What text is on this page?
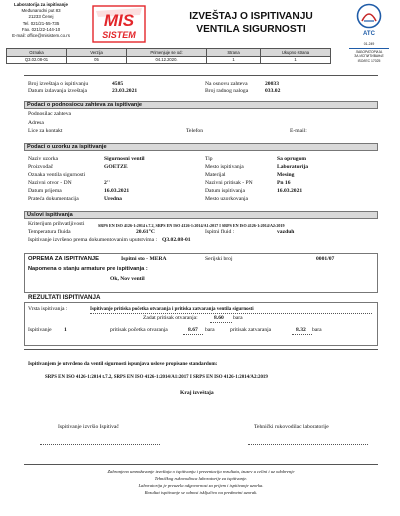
Laboratorija za ispitivanje
Međunarodni put 83
21233 Čenej
Tel. 021/21-55-735
Fax. 021/22-144-10
E-mail: office@misistem.co.rs
MIS
SISTEM
IZVEŠTAJ O ISPITIVANJU
VENTILA SIGURNOSTI	ATC
01-249
ЛАБОРАТОРИЈА
ЗА ИСПИТИВАЊЕ
ISO/IEC 17025
Oznaka	Verzija	Primenjuje se od:	Strana	Ukupno strana
Q3.02.08-01	05	04.12.2020.	1	1
Broj izveštaja o ispitivanju	4585
Datum izdavanja izveštaja	23.03.2021
Na osnovu zahteva	20033
Broj radnog naloga	033.02
Podaci o podnosiocu zahteva za ispitivanje
Podnosilac zahteva
Adresa
Lice za kontakt	Telefon	E-mail:
Podaci o uzorku za ispitivanje
Naziv uzorka	Sigurnosni ventil
Proizvođač	GOETZE
Oznaka ventila sigurnosti
Nazivni otvor - DN	2''
Datum prijema	16.03.2021
Prateća dokumentacija	Uredna
Tip	Sa oprugom
Mesto ispitivanja	Laboratorija
Materijal	Mesing
Nazivni pritisak - PN	Pn 16
Datum ispitivanja	16.03.2021
Mesto uzorkovanja
Uslovi ispitivanja
Kriterijum prihvatljivosti	SRPS EN ISO 4126-1:2014 t.7.2, SRPS EN ISO 4126-1:2014/A1:2017 I SRPS EN ISO 4126-1:2014/A2:2019
Temperatura fluida	20.61°C	Ispitni fluid :	vazduh
Ispitivanje izvršeno prema dokumentovanim uputstvima : Q3.02.08-01
OPREMA ZA ISPITIVANJE	Ispitni sto - MERA	Serijski broj	0001/07
Napomena o stanju armature pre ispitivanja :
Ok, Nov ventil
REZULTATI ISPITIVANJA
Vrsta ispitivanja :	Ispitivanje pritiska početka otvaranja i pritiska zatvaranja ventila sigurnosti
Zadat pritisak otvaranja:	8.60 bara
Ispitivanje 1	pritisak početka otvaranja	8.67 bara	pritisak zatvaranja	8.32 bara
Ispitivanjem je utvrđeno da ventil sigurnosti ispunjava uslove propisane standardom:
SRPS EN ISO 4126-1:2014 t.7.2, SRPS EN ISO 4126-1:2014/A1:2017 I SRPS EN ISO 4126-1:2014/A2:2019
Kraj izveštaja
Ispitivanje izvršio Ispitivač	Tehnički rukovodilac laboratorije
Zabranjeno umnožavanje izveštaja o ispitivanju i prezentacija rezultata, izuzev u celini i uz odobrenje
Tehničkog rukovodioca laboratorije za ispitivanje.
Laboratorija je preuzela odgovornost za prijem i ispitivanje uzorka.
Rezultat ispitivanje se odnosi isključivo na predmetni uzorak.
